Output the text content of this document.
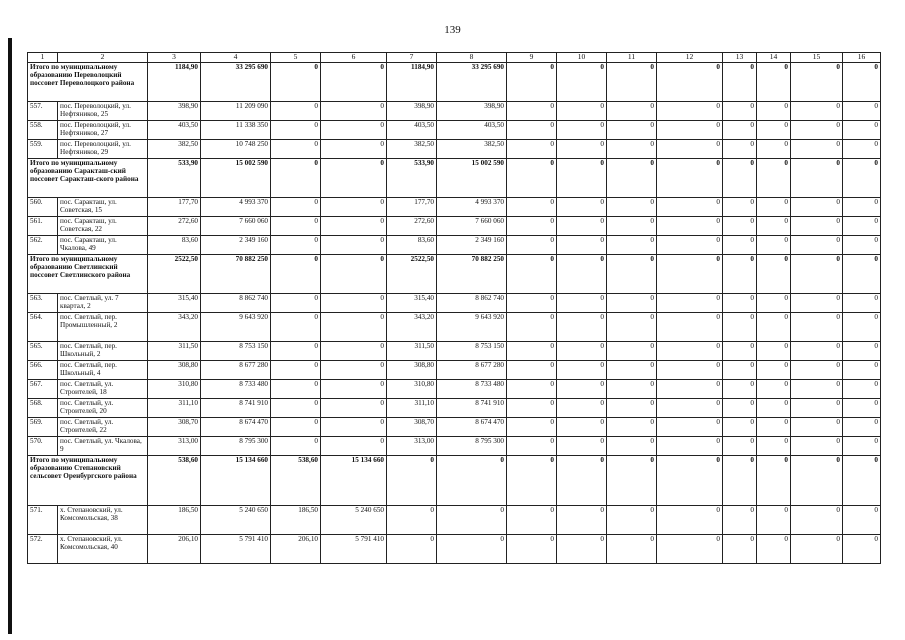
139
1	2	3	4	5	6	7	8	9	10	11	12	13	14	15	16
Итого по муниципальному образованию Переволоцкий поссовет Переволоцкого района		1184,90	33 295 690	0	0	1184,90	33 295 690	0	0	0	0	0	0	0	0
557.	пос. Переволоцкий, ул. Нефтяников, 25	398,90	11 209 090	0	0	398,90	398,90	0	0	0	0	0	0	0	0
558.	пос. Переволоцкий, ул. Нефтяников, 27	403,50	11 338 350	0	0	403,50	403,50	0	0	0	0	0	0	0	0
559.	пос. Переволоцкий, ул. Нефтяников, 29	382,50	10 748 250	0	0	382,50	382,50	0	0	0	0	0	0	0	0
Итого по муниципальному образованию Саракташ-ский поссовет Саракташ-ского района		533,90	15 002 590	0	0	533,90	15 002 590	0	0	0	0	0	0	0	0
560.	пос. Саракташ, ул. Советская, 15	177,70	4 993 370	0	0	177,70	4 993 370	0	0	0	0	0	0	0	0
561.	пос. Саракташ, ул. Советская, 22	272,60	7 660 060	0	0	272,60	7 660 060	0	0	0	0	0	0	0	0
562.	пос. Саракташ, ул. Чкалова, 49	83,60	2 349 160	0	0	83,60	2 349 160	0	0	0	0	0	0	0	0
Итого по муниципальному образованию Светлинский поссовет Светлинского района		2522,50	70 882 250	0	0	2522,50	70 882 250	0	0	0	0	0	0	0	0
563.	пос. Светлый, ул. 7 квартал, 2	315,40	8 862 740	0	0	315,40	8 862 740	0	0	0	0	0	0	0	0
564.	пос. Светлый, пер. Промышленный, 2	343,20	9 643 920	0	0	343,20	9 643 920	0	0	0	0	0	0	0	0
565.	пос. Светлый, пер. Школьный, 2	311,50	8 753 150	0	0	311,50	8 753 150	0	0	0	0	0	0	0	0
566.	пос. Светлый, пер. Школьный, 4	308,80	8 677 280	0	0	308,80	8 677 280	0	0	0	0	0	0	0	0
567.	пос. Светлый, ул. Строителей, 18	310,80	8 733 480	0	0	310,80	8 733 480	0	0	0	0	0	0	0	0
568.	пос. Светлый, ул. Строителей, 20	311,10	8 741 910	0	0	311,10	8 741 910	0	0	0	0	0	0	0	0
569.	пос. Светлый, ул. Строителей, 22	308,70	8 674 470	0	0	308,70	8 674 470	0	0	0	0	0	0	0	0
570.	пос. Светлый, ул. Чкалова, 9	313,00	8 795 300	0	0	313,00	8 795 300	0	0	0	0	0	0	0	0
Итого по муниципальному образованию Степановский сельсовет Оренбургского района		538,60	15 134 660	538,60	15 134 660	0	0	0	0	0	0	0	0	0	0
571.	х. Степановский, ул. Комсомольская, 38	186,50	5 240 650	186,50	5 240 650	0	0	0	0	0	0	0	0	0	0
572.	х. Степановский, ул. Комсомольская, 40	206,10	5 791 410	206,10	5 791 410	0	0	0	0	0	0	0	0	0	0
